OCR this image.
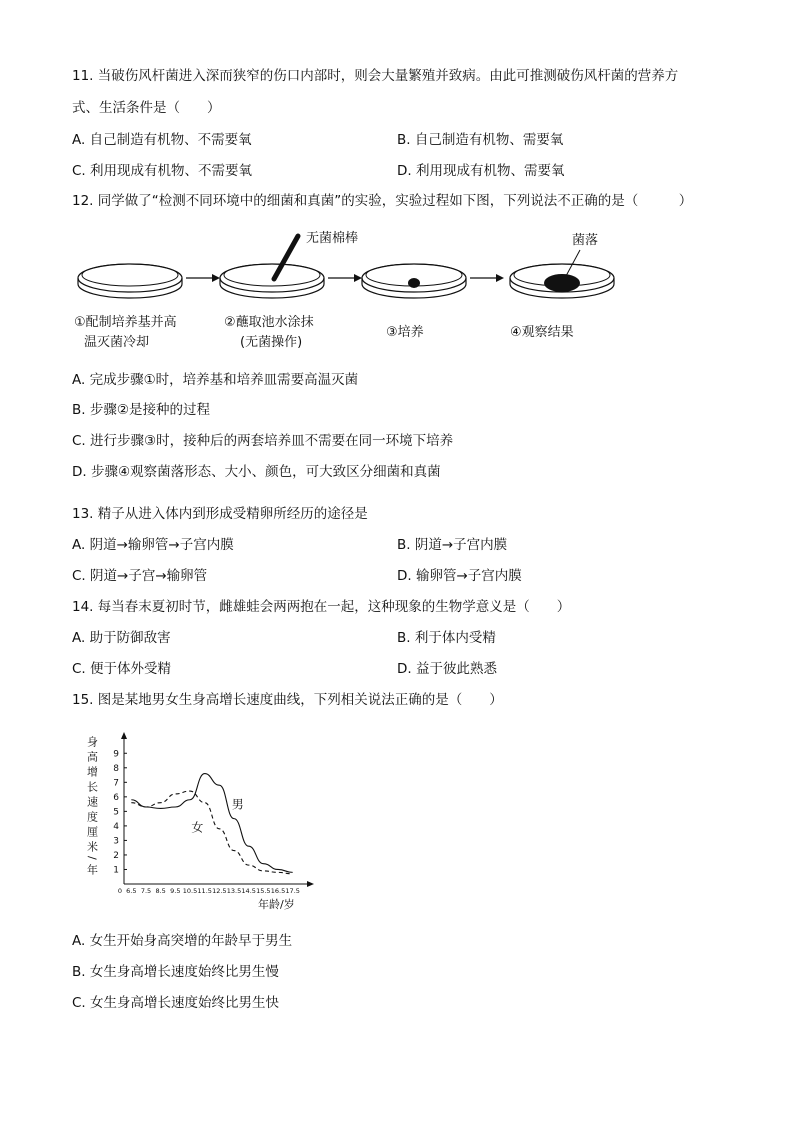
11. 当破伤风杆菌进入深而狭窄的伤口内部时，则会大量繁殖并致病。由此可推测破伤风杆菌的营养方
式、生活条件是（　　）
A. 自己制造有机物、不需要氧	B. 自己制造有机物、需要氧
C. 利用现成有机物、不需要氧	D. 利用现成有机物、需要氧
12. 同学做了“检测不同环境中的细菌和真菌”的实验，实验过程如下图，下列说法不正确的是（　　　）
无菌棉棒	菌落
①配制培养基并高
温灭菌冷却
②蘸取池水涂抹
(无菌操作)
③培养	④观察结果
A. 完成步骤①时，培养基和培养皿需要高温灭菌
B. 步骤②是接种的过程
C. 进行步骤③时，接种后的两套培养皿不需要在同一环境下培养
D. 步骤④观察菌落形态、大小、颜色，可大致区分细菌和真菌
13. 精子从进入体内到形成受精卵所经历的途径是
A. 阴道→输卵管→子宫内膜	B. 阴道→子宫内膜
C. 阴道→子宫→输卵管	D. 输卵管→子宫内膜
14. 每当春末夏初时节，雌雄蛙会两两抱在一起，这种现象的生物学意义是（　　）
A. 助于防御敌害	B. 利于体内受精
C. 便于体外受精	D. 益于彼此熟悉
15. 图是某地男女生身高增长速度曲线，下列相关说法正确的是（　　）
身高增长速度厘米/年 1
2
3
4
5
6
7
8
9
0 6.5 7.5 8.5 9.5 10.5 11.5 12.5 13.5 14.5 15.5 16.5 17.5
男
女
年龄/岁
A. 女生开始身高突增的年龄早于男生
B. 女生身高增长速度始终比男生慢
C. 女生身高增长速度始终比男生快
